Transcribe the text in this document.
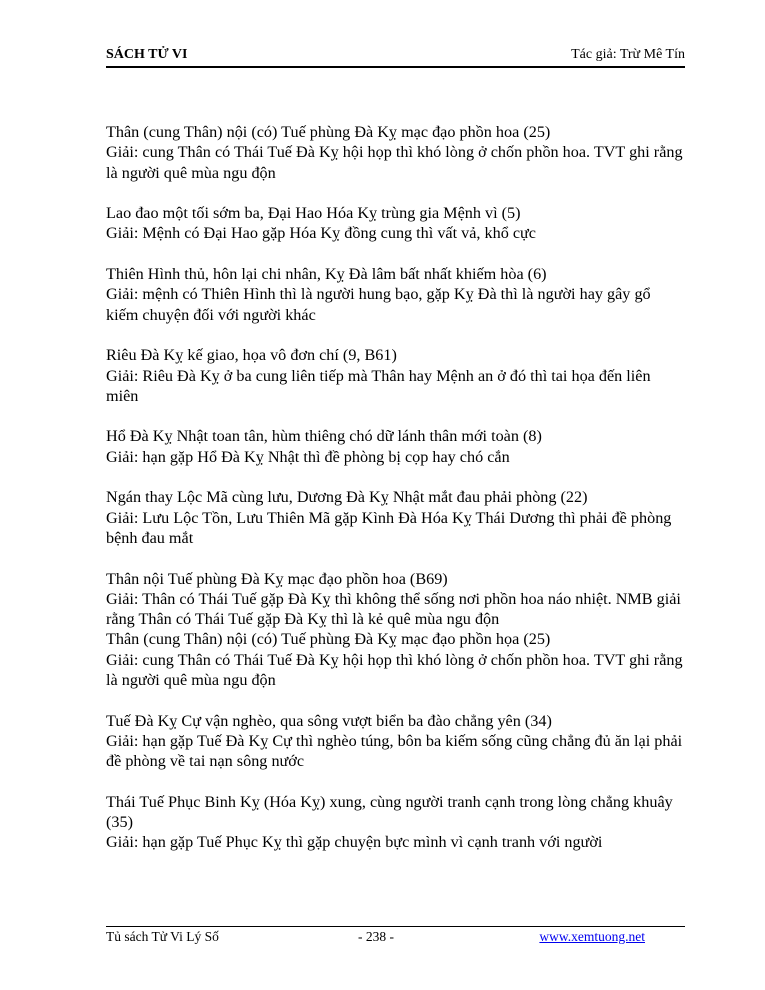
SÁCH TỬ VI	Tác giả: Trừ Mê Tín
Thân (cung Thân) nội (có) Tuế phùng Đà Kỵ mạc đạo phồn hoa (25)
Giải: cung Thân có Thái Tuế Đà Kỵ hội họp thì khó lòng ở chốn phồn hoa. TVT ghi rằng là người quê mùa ngu độn
Lao đao một tối sớm ba, Đại Hao Hóa Kỵ trùng gia Mệnh vì (5)
Giải: Mệnh có Đại Hao gặp Hóa Kỵ đồng cung thì vất vả, khổ cực
Thiên Hình thủ, hôn lại chi nhân, Kỵ Đà lâm bất nhất khiếm hòa (6)
Giải: mệnh có Thiên Hình thì là người hung bạo, gặp Kỵ Đà thì là người hay gây gổ kiếm chuyện đối với người khác
Riêu Đà Kỵ kế giao, họa vô đơn chí (9, B61)
Giải: Riêu Đà Kỵ ở ba cung liên tiếp mà Thân hay Mệnh an ở đó thì tai họa đến liên miên
Hổ Đà Kỵ Nhật toan tân, hùm thiêng chó dữ lánh thân mới toàn (8)
Giải: hạn gặp Hổ Đà Kỵ Nhật thì đề phòng bị cọp hay chó cắn
Ngán thay Lộc Mã cùng lưu, Dương Đà Kỵ Nhật mắt đau phải phòng (22)
Giải: Lưu Lộc Tồn, Lưu Thiên Mã gặp Kình Đà Hóa Kỵ Thái Dương thì phải đề phòng bệnh đau mắt
Thân nội Tuế phùng Đà Kỵ mạc đạo phồn hoa (B69)
Giải: Thân có Thái Tuế gặp Đà Kỵ thì không thể sống nơi phồn hoa náo nhiệt. NMB giải rằng Thân có Thái Tuế gặp Đà Kỵ thì là kẻ quê mùa ngu độn
Thân (cung Thân) nội (có) Tuế phùng Đà Kỵ mạc đạo phồn họa (25)
Giải: cung Thân có Thái Tuế Đà Kỵ hội họp thì khó lòng ở chốn phồn hoa. TVT ghi rằng là người quê mùa ngu độn
Tuế Đà Kỵ Cự vận nghèo, qua sông vượt biển ba đào chẳng yên (34)
Giải: hạn gặp Tuế Đà Kỵ Cự thì nghèo túng, bôn ba kiếm sống cũng chẳng đủ ăn lại phải đề phòng về tai nạn sông nước
Thái Tuế Phục Binh Kỵ (Hóa Kỵ) xung, cùng người tranh cạnh trong lòng chẳng khuây (35)
Giải: hạn gặp Tuế Phục Kỵ thì gặp chuyện bực mình vì cạnh tranh với người
Tủ sách Tử Vi Lý Số	- 238 -	www.xemtuong.net
